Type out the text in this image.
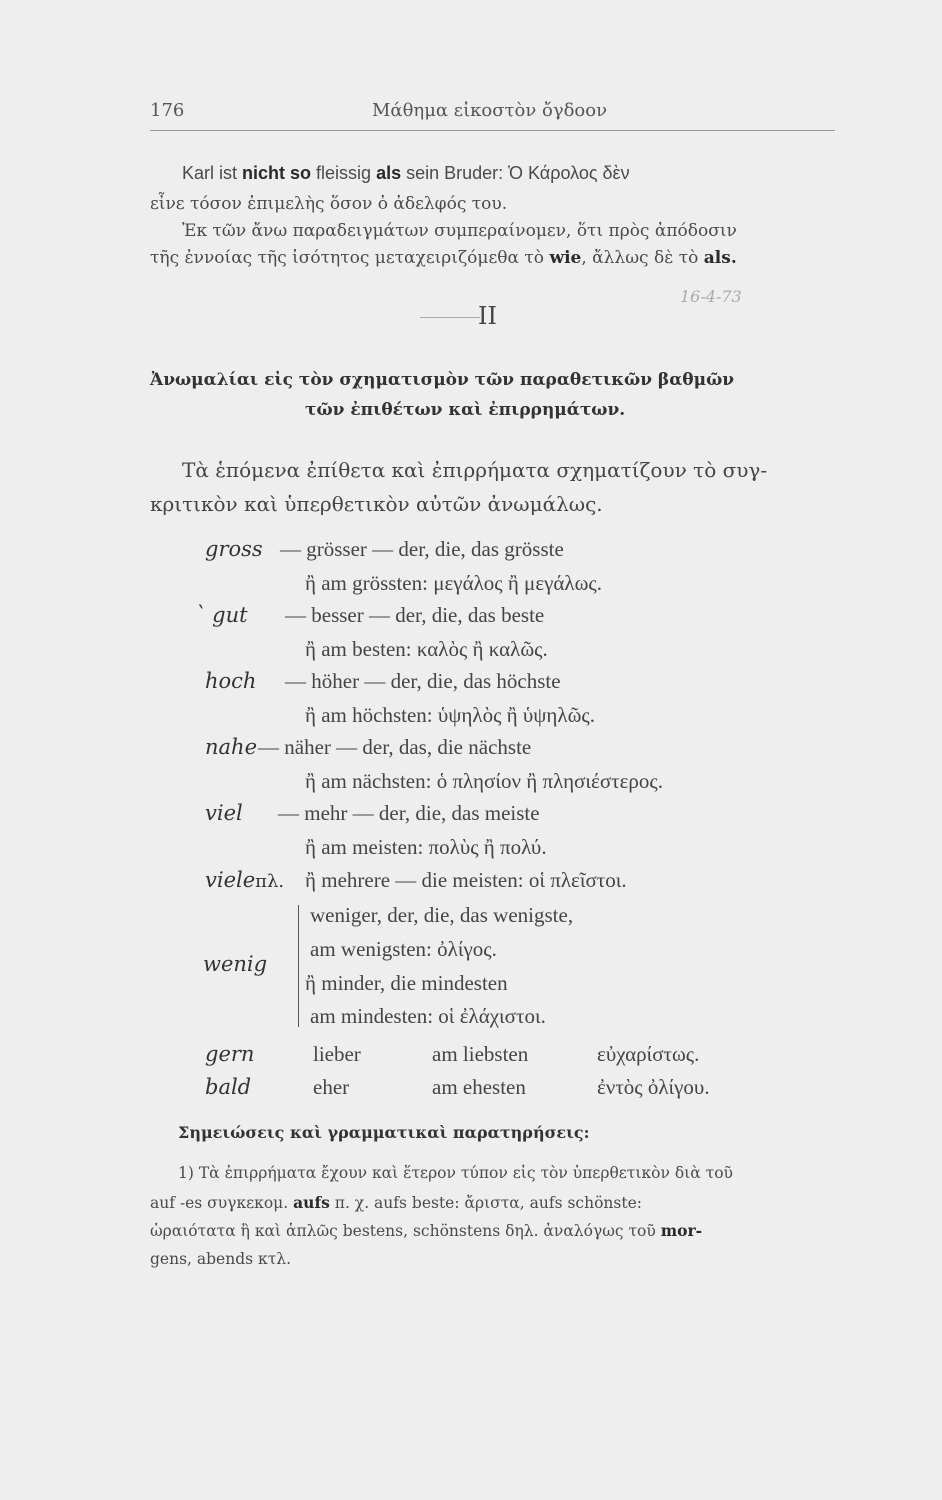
176	Μάθημα εἰκοστὸν ὄγδοον
Karl ist nicht so fleissig als sein Bruder: Ὁ Κάρολος δὲν
εἶνε τόσον ἐπιμελὴς ὅσον ὁ ἀδελφός του.
Ἐκ τῶν ἄνω παραδειγμάτων συμπεραίνομεν, ὅτι πρὸς ἀπόδοσιν
τῆς ἐννοίας τῆς ἰσότητος μεταχειριζόμεθα τὸ wie, ἄλλως δὲ τὸ als.
II
16-4-73
Ἀνωμαλίαι εἰς τὸν σχηματισμὸν τῶν παραθετικῶν βαθμῶν
τῶν ἐπιθέτων καὶ ἐπιρρημάτων.
Τὰ ἑπόμενα ἐπίθετα καὶ ἐπιρρήματα σχηματίζουν τὸ συγ-
κριτικὸν καὶ ὑπερθετικὸν αὐτῶν ἀνωμάλως.
gross — grösser — der, die, das grösste
ἢ am grössten: μεγάλος ἢ μεγάλως.
` gut — besser — der, die, das beste
ἢ am besten: καλὸς ἢ καλῶς.
hoch — höher — der, die, das höchste
ἢ am höchsten: ὑψηλὸς ἢ ὑψηλῶς.
nahe — näher — der, das, die nächste
ἢ am nächsten: ὁ πλησίον ἢ πλησιέστερος.
viel — mehr — der, die, das meiste
ἢ am meisten: πολὺς ἢ πολύ.
vieleπλ. ἢ mehrere — die meisten: οἱ πλεῖστοι.
wenig
weniger, der, die, das wenigste,
am wenigsten: ὀλίγος.
ἢ minder, die mindesten
am mindesten: οἱ ἐλάχιστοι.
gern	lieber	am liebsten	εὐχαρίστως.
bald	eher	am ehesten	ἐντὸς ὀλίγου.
Σημειώσεις καὶ γραμματικαὶ παρατηρήσεις:
1) Τὰ ἐπιρρήματα ἔχουν καὶ ἕτερον τύπον εἰς τὸν ὑπερθετικὸν διὰ τοῦ
auf -es συγκεκομ. aufs π. χ. aufs beste: ἄριστα, aufs schönste:
ὡραιότατα ἢ καὶ ἁπλῶς bestens, schönstens δηλ. ἀναλόγως τοῦ mor-
gens, abends κτλ.
